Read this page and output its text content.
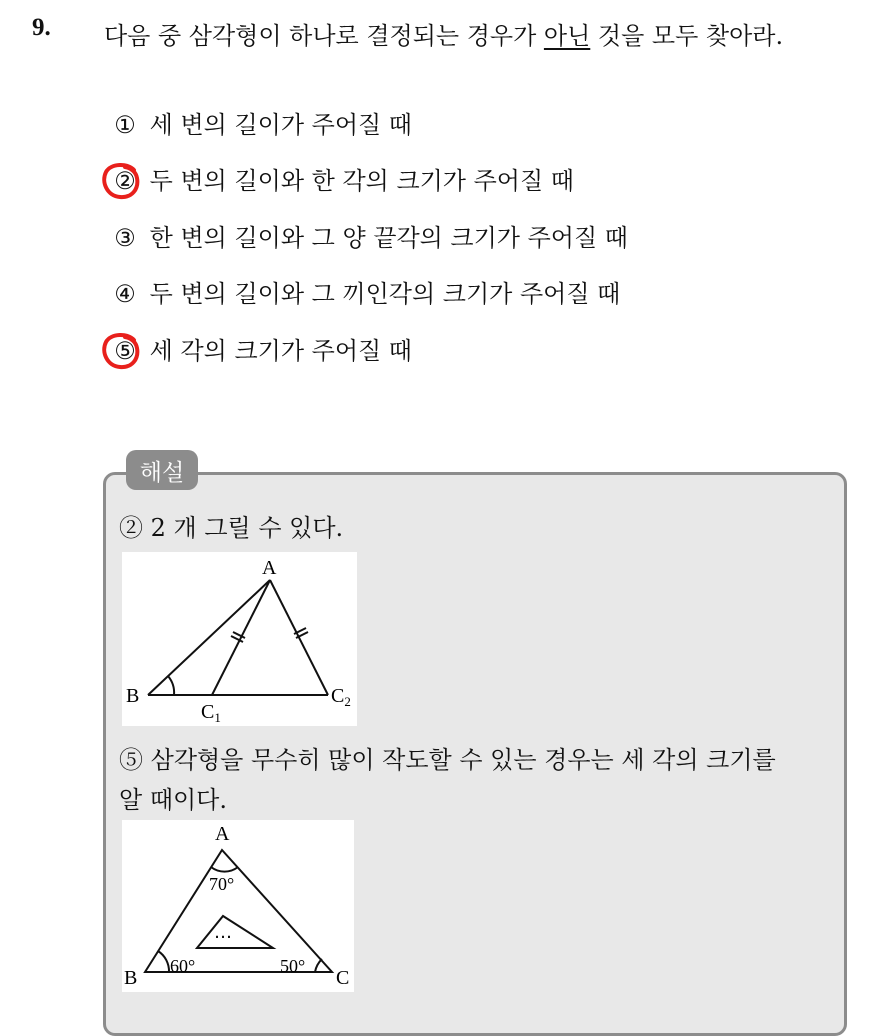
9. 다음 중 삼각형이 하나로 결정되는 경우가 아닌 것을 모두 찾아라.
① 세 변의 길이가 주어질 때
② 두 변의 길이와 한 각의 크기가 주어질 때
③ 한 변의 길이와 그 양 끝각의 크기가 주어질 때
④ 두 변의 길이와 그 끼인각의 크기가 주어질 때
⑤ 세 각의 크기가 주어질 때
해설
② 2 개 그릴 수 있다.
A
B
$C_1$
$C_2$
⑤ 삼각형을 무수히 많이 작도할 수 있는 경우는 세 각의 크기를
알 때이다.
A
B	C
70°
60°	50°
…
